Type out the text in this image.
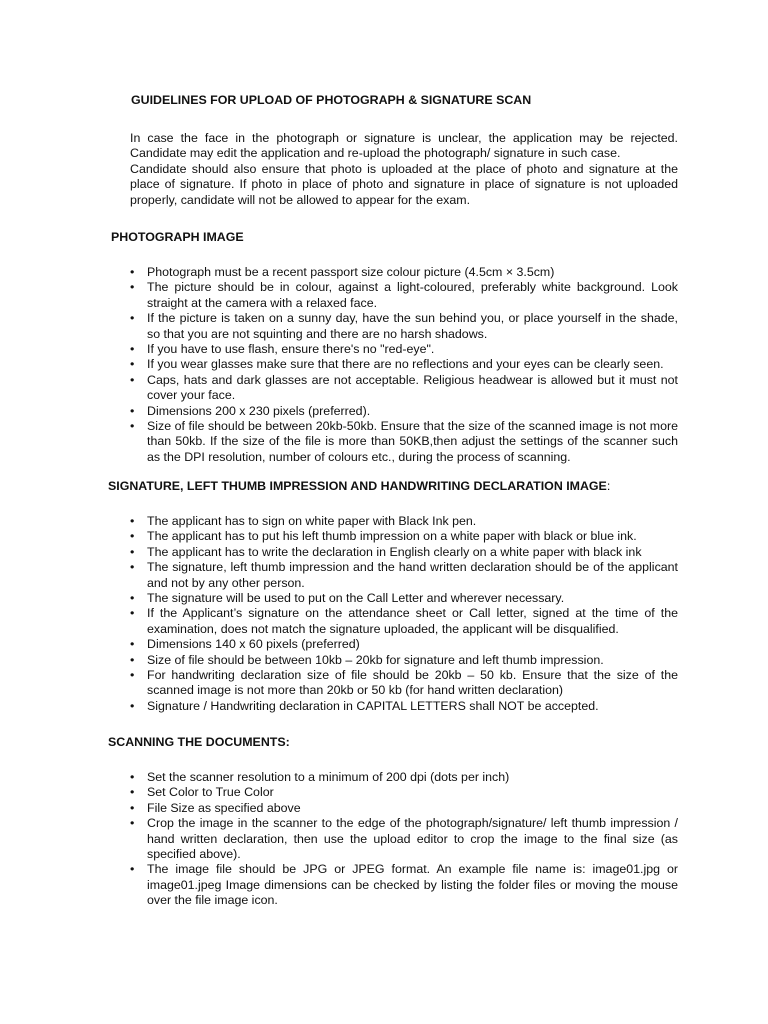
GUIDELINES FOR UPLOAD OF PHOTOGRAPH & SIGNATURE SCAN

In case the face in the photograph or signature is unclear, the application may be rejected. Candidate may edit the application and re-upload the photograph/ signature in such case.

Candidate should also ensure that photo is uploaded at the place of photo and signature at the place of signature. If photo in place of photo and signature in place of signature is not uploaded properly, candidate will not be allowed to appear for the exam.

PHOTOGRAPH IMAGE
•	Photograph must be a recent passport size colour picture (4.5cm × 3.5cm)
•	The picture should be in colour, against a light-coloured, preferably white background. Look straight at the camera with a relaxed face.
•	If the picture is taken on a sunny day, have the sun behind you, or place yourself in the shade, so that you are not squinting and there are no harsh shadows.
•	If you have to use flash, ensure there's no "red-eye".
•	If you wear glasses make sure that there are no reflections and your eyes can be clearly seen.
•	Caps, hats and dark glasses are not acceptable. Religious headwear is allowed but it must not cover your face.
•	Dimensions 200 x 230 pixels (preferred).
•	Size of file should be between 20kb-50kb. Ensure that the size of the scanned image is not more than 50kb. If the size of the file is more than 50KB,then adjust the settings of the scanner such as the DPI resolution, number of colours etc., during the process of scanning.
SIGNATURE, LEFT THUMB IMPRESSION AND HANDWRITING DECLARATION IMAGE:
•	The applicant has to sign on white paper with Black Ink pen.
•	The applicant has to put his left thumb impression on a white paper with black or blue ink.
•	The applicant has to write the declaration in English clearly on a white paper with black ink
•	The signature, left thumb impression and the hand written declaration should be of the applicant and not by any other person.
•	The signature will be used to put on the Call Letter and wherever necessary.
•	If the Applicant’s signature on the attendance sheet or Call letter, signed at the time of the examination, does not match the signature uploaded, the applicant will be disqualified.
•	Dimensions 140 x 60 pixels (preferred)
•	Size of file should be between 10kb – 20kb for signature and left thumb impression.
•	For handwriting declaration size of file should be 20kb – 50 kb. Ensure that the size of the scanned image is not more than 20kb or 50 kb (for hand written declaration)
•	Signature / Handwriting declaration in CAPITAL LETTERS shall NOT be accepted.
SCANNING THE DOCUMENTS:
•	Set the scanner resolution to a minimum of 200 dpi (dots per inch)
•	Set Color to True Color
•	File Size as specified above
•	Crop the image in the scanner to the edge of the photograph/signature/ left thumb impression / hand written declaration, then use the upload editor to crop the image to the final size (as specified above).
•	The image file should be JPG or JPEG format. An example file name is: image01.jpg or image01.jpeg Image dimensions can be checked by listing the folder files or moving the mouse over the file image icon.
